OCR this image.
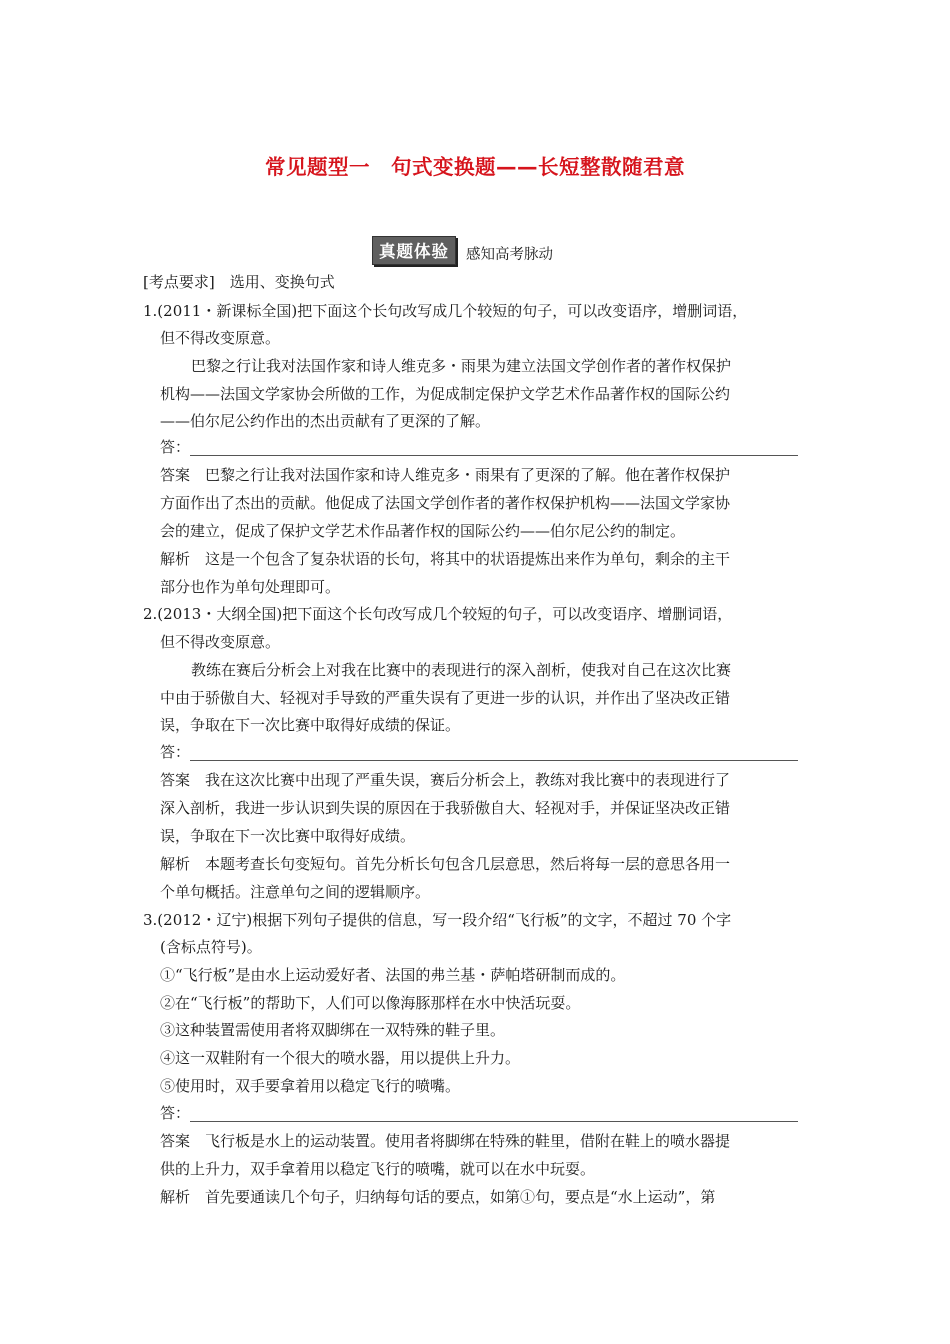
常见题型一　句式变换题——长短整散随君意
真题体验	感知高考脉动
[考点要求]　选用、变换句式
1.(2011・新课标全国)把下面这个长句改写成几个较短的句子，可以改变语序，增删词语，
但不得改变原意。
巴黎之行让我对法国作家和诗人维克多・雨果为建立法国文学创作者的著作权保护
机构——法国文学家协会所做的工作，为促成制定保护文学艺术作品著作权的国际公约
——伯尔尼公约作出的杰出贡献有了更深的了解。
答：
答案　巴黎之行让我对法国作家和诗人维克多・雨果有了更深的了解。他在著作权保护
方面作出了杰出的贡献。他促成了法国文学创作者的著作权保护机构——法国文学家协
会的建立，促成了保护文学艺术作品著作权的国际公约——伯尔尼公约的制定。
解析　这是一个包含了复杂状语的长句，将其中的状语提炼出来作为单句，剩余的主干
部分也作为单句处理即可。
2.(2013・大纲全国)把下面这个长句改写成几个较短的句子，可以改变语序、增删词语，
但不得改变原意。
教练在赛后分析会上对我在比赛中的表现进行的深入剖析，使我对自己在这次比赛
中由于骄傲自大、轻视对手导致的严重失误有了更进一步的认识，并作出了坚决改正错
误，争取在下一次比赛中取得好成绩的保证。
答：
答案　我在这次比赛中出现了严重失误，赛后分析会上，教练对我比赛中的表现进行了
深入剖析，我进一步认识到失误的原因在于我骄傲自大、轻视对手，并保证坚决改正错
误，争取在下一次比赛中取得好成绩。
解析　本题考查长句变短句。首先分析长句包含几层意思，然后将每一层的意思各用一
个单句概括。注意单句之间的逻辑顺序。
3.(2012・辽宁)根据下列句子提供的信息，写一段介绍“飞行板”的文字，不超过 70 个字
(含标点符号)。
①“飞行板”是由水上运动爱好者、法国的弗兰基・萨帕塔研制而成的。
②在“飞行板”的帮助下，人们可以像海豚那样在水中快活玩耍。
③这种装置需使用者将双脚绑在一双特殊的鞋子里。
④这一双鞋附有一个很大的喷水器，用以提供上升力。
⑤使用时，双手要拿着用以稳定飞行的喷嘴。
答：
答案　飞行板是水上的运动装置。使用者将脚绑在特殊的鞋里，借附在鞋上的喷水器提
供的上升力，双手拿着用以稳定飞行的喷嘴，就可以在水中玩耍。
解析　首先要通读几个句子，归纳每句话的要点，如第①句，要点是“水上运动”，第
